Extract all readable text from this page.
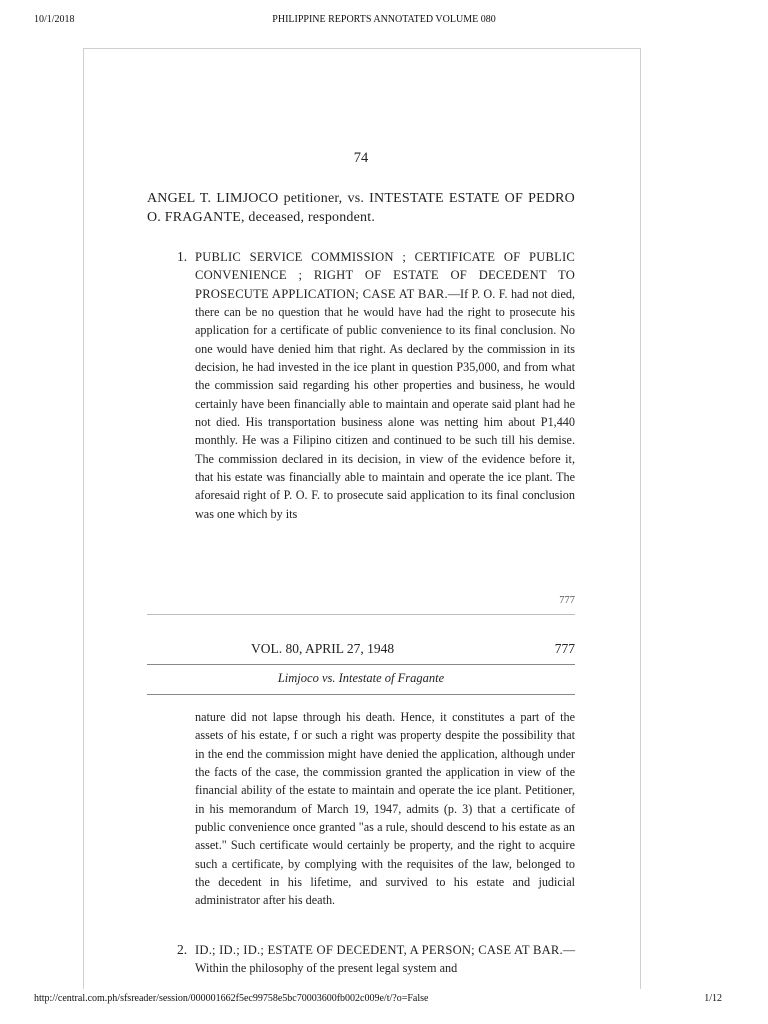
10/1/2018	PHILIPPINE REPORTS ANNOTATED VOLUME 080
74
ANGEL T. LIMJOCO petitioner, vs. INTESTATE ESTATE OF PEDRO O. FRAGANTE, deceased, respondent.
1. PUBLIC SERVICE COMMISSION ; CERTIFICATE OF PUBLIC CONVENIENCE ; RIGHT OF ESTATE OF DECEDENT TO PROSECUTE APPLICATION; CASE AT BAR.—If P. O. F. had not died, there can be no question that he would have had the right to prosecute his application for a certificate of public convenience to its final conclusion. No one would have denied him that right. As declared by the commission in its decision, he had invested in the ice plant in question P35,000, and from what the commission said regarding his other properties and business, he would certainly have been financially able to maintain and operate said plant had he not died. His transportation business alone was netting him about P1,440 monthly. He was a Filipino citizen and continued to be such till his demise. The commission declared in its decision, in view of the evidence before it, that his estate was financially able to maintain and operate the ice plant. The aforesaid right of P. O. F. to prosecute said application to its final conclusion was one which by its
777
VOL. 80, APRIL 27, 1948	777
Limjoco vs. Intestate of Fragante
nature did not lapse through his death. Hence, it constitutes a part of the assets of his estate, f or such a right was property despite the possibility that in the end the commission might have denied the application, although under the facts of the case, the commission granted the application in view of the financial ability of the estate to maintain and operate the ice plant. Petitioner, in his memorandum of March 19, 1947, admits (p. 3) that a certificate of public convenience once granted "as a rule, should descend to his estate as an asset." Such certificate would certainly be property, and the right to acquire such a certificate, by complying with the requisites of the law, belonged to the decedent in his lifetime, and survived to his estate and judicial administrator after his death.
2. ID.; ID.; ID.; ESTATE OF DECEDENT, A PERSON; CASE AT BAR.—Within the philosophy of the present legal system and
http://central.com.ph/sfsreader/session/000001662f5ec99758e5bc70003600fb002c009e/t/?o=False	1/12
